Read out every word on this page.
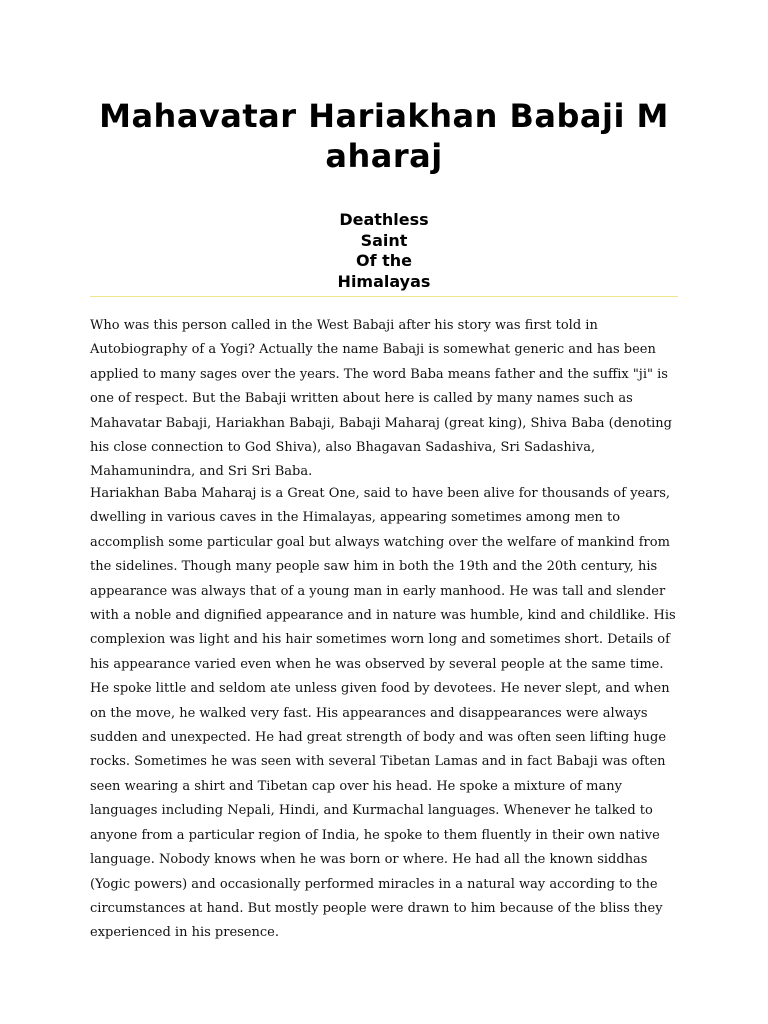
Mahavatar Hariakhan Babaji Maharaj
Deathless
Saint
Of the
Himalayas

Who was this person called in the West Babaji after his story was first told in Autobiography of a Yogi? Actually the name Babaji is somewhat generic and has been applied to many sages over the years. The word Baba means father and the suffix "ji" is one of respect. But the Babaji written about here is called by many names such as Mahavatar Babaji, Hariakhan Babaji, Babaji Maharaj (great king), Shiva Baba (denoting his close connection to God Shiva), also Bhagavan Sadashiva, Sri Sadashiva, Mahamunindra, and Sri Sri Baba.

Hariakhan Baba Maharaj is a Great One, said to have been alive for thousands of years, dwelling in various caves in the Himalayas, appearing sometimes among men to accomplish some particular goal but always watching over the welfare of mankind from the sidelines. Though many people saw him in both the 19th and the 20th century, his appearance was always that of a young man in early manhood. He was tall and slender with a noble and dignified appearance and in nature was humble, kind and childlike. His complexion was light and his hair sometimes worn long and sometimes short. Details of his appearance varied even when he was observed by several people at the same time. He spoke little and seldom ate unless given food by devotees. He never slept, and when on the move, he walked very fast. His appearances and disappearances were always sudden and unexpected. He had great strength of body and was often seen lifting huge rocks. Sometimes he was seen with several Tibetan Lamas and in fact Babaji was often seen wearing a shirt and Tibetan cap over his head. He spoke a mixture of many languages including Nepali, Hindi, and Kurmachal languages. Whenever he talked to anyone from a particular region of India, he spoke to them fluently in their own native language. Nobody knows when he was born or where. He had all the known siddhas (Yogic powers) and occasionally performed miracles in a natural way according to the circumstances at hand. But mostly people were drawn to him because of the bliss they experienced in his presence.
